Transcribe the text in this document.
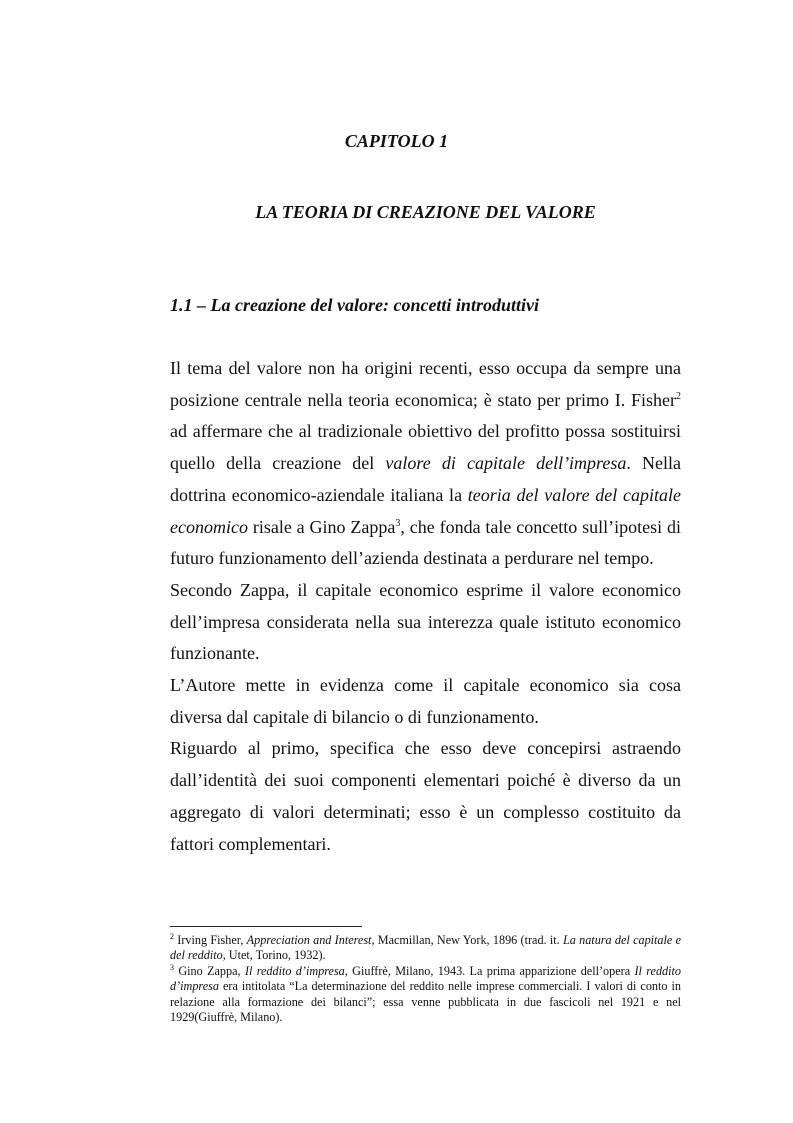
CAPITOLO 1
LA TEORIA DI CREAZIONE DEL VALORE
1.1 – La creazione del valore: concetti introduttivi

Il tema del valore non ha origini recenti, esso occupa da sempre una posizione centrale nella teoria economica; è stato per primo I. Fisher$^2$ ad affermare che al tradizionale obiettivo del profitto possa sostituirsi quello della creazione del valore di capitale dell’impresa. Nella dottrina economico-aziendale italiana la teoria del valore del capitale economico risale a Gino Zappa$^3$, che fonda tale concetto sull’ipotesi di futuro funzionamento dell’azienda destinata a perdurare nel tempo.

Secondo Zappa, il capitale economico esprime il valore economico dell’impresa considerata nella sua interezza quale istituto economico funzionante.

L’Autore mette in evidenza come il capitale economico sia cosa diversa dal capitale di bilancio o di funzionamento.

Riguardo al primo, specifica che esso deve concepirsi astraendo dall’identità dei suoi componenti elementari poiché è diverso da un aggregato di valori determinati; esso è un complesso costituito da fattori complementari.

$^2$ Irving Fisher, Appreciation and Interest, Macmillan, New York, 1896 (trad. it. La natura del capitale e del reddito, Utet, Torino, 1932).

$^3$ Gino Zappa, Il reddito d’impresa, Giuffrè, Milano, 1943. La prima apparizione dell’opera Il reddito d’impresa era intitolata “La determinazione del reddito nelle imprese commerciali. I valori di conto in relazione alla formazione dei bilanci”; essa venne pubblicata in due fascicoli nel 1921 e nel 1929(Giuffrè, Milano).
